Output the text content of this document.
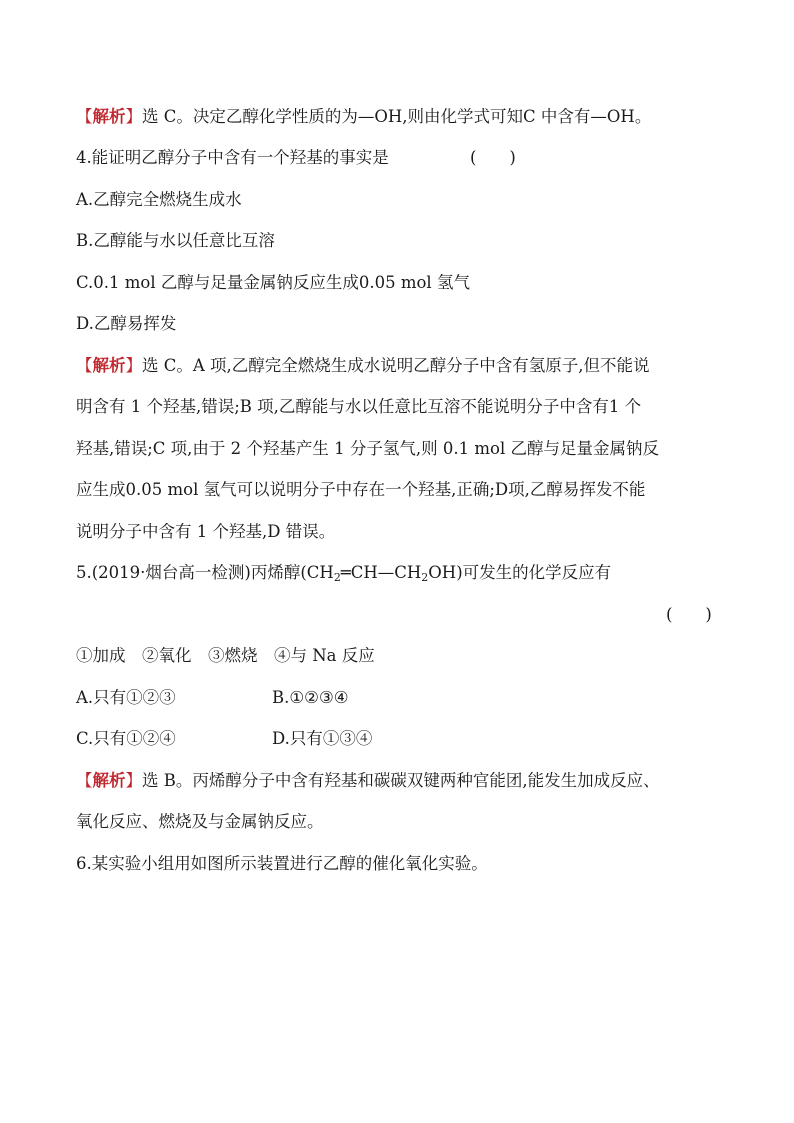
【解析】选 C。决定乙醇化学性质的为—OH,则由化学式可知C 中含有—OH。
4.能证明乙醇分子中含有一个羟基的事实是	(　　)
A.乙醇完全燃烧生成水
B.乙醇能与水以任意比互溶
C.0.1 mol 乙醇与足量金属钠反应生成0.05 mol 氢气
D.乙醇易挥发
【解析】选 C。A 项,乙醇完全燃烧生成水说明乙醇分子中含有氢原子,但不能说
明含有 1 个羟基,错误;B 项,乙醇能与水以任意比互溶不能说明分子中含有1 个
羟基,错误;C 项,由于 2 个羟基产生 1 分子氢气,则 0.1 mol 乙醇与足量金属钠反
应生成0.05 mol 氢气可以说明分子中存在一个羟基,正确;D项,乙醇易挥发不能
说明分子中含有 1 个羟基,D 错误。
5.(2019·烟台高一检测)丙烯醇$(CH_2═CH—CH_2OH)$可发生的化学反应有
(　　)
①加成　②氧化　③燃烧　④与 Na 反应
A.只有①②③	B.①②③④
C.只有①②④	D.只有①③④
【解析】选 B。丙烯醇分子中含有羟基和碳碳双键两种官能团,能发生加成反应、
氧化反应、燃烧及与金属钠反应。
6.某实验小组用如图所示装置进行乙醇的催化氧化实验。
